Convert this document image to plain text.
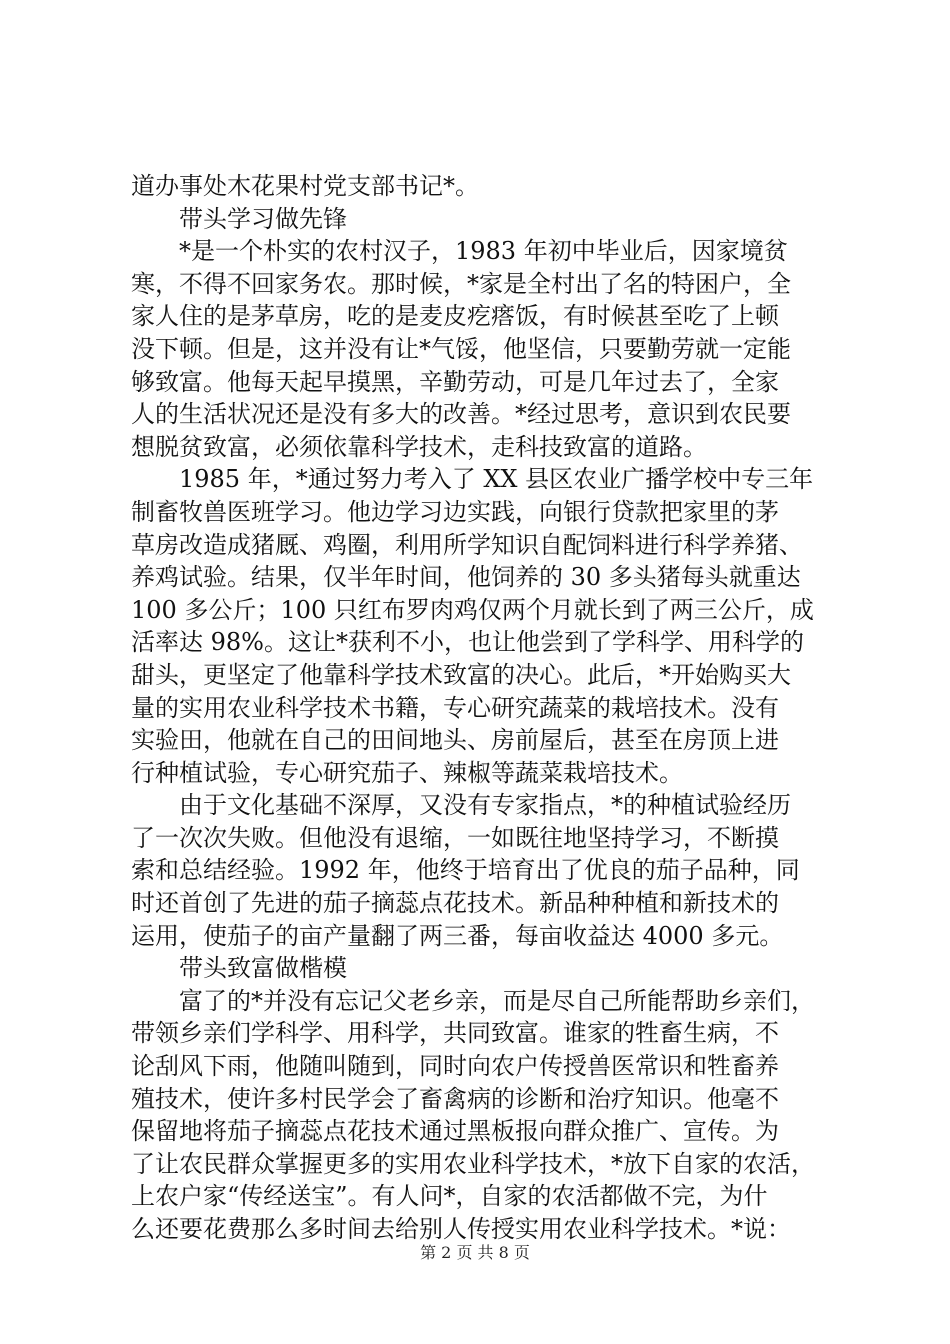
道办事处木花果村党支部书记*。
带头学习做先锋
*是一个朴实的农村汉子，1983 年初中毕业后，因家境贫
寒，不得不回家务农。那时候，*家是全村出了名的特困户，全
家人住的是茅草房，吃的是麦皮疙瘩饭，有时候甚至吃了上顿
没下顿。但是，这并没有让*气馁，他坚信，只要勤劳就一定能
够致富。他每天起早摸黑，辛勤劳动，可是几年过去了，全家
人的生活状况还是没有多大的改善。*经过思考，意识到农民要
想脱贫致富，必须依靠科学技术，走科技致富的道路。
1985 年，*通过努力考入了 XX 县区农业广播学校中专三年
制畜牧兽医班学习。他边学习边实践，向银行贷款把家里的茅
草房改造成猪厩、鸡圈，利用所学知识自配饲料进行科学养猪、
养鸡试验。结果，仅半年时间，他饲养的 30 多头猪每头就重达
100 多公斤；100 只红布罗肉鸡仅两个月就长到了两三公斤，成
活率达 98%。这让*获利不小，也让他尝到了学科学、用科学的
甜头，更坚定了他靠科学技术致富的决心。此后，*开始购买大
量的实用农业科学技术书籍，专心研究蔬菜的栽培技术。没有
实验田，他就在自己的田间地头、房前屋后，甚至在房顶上进
行种植试验，专心研究茄子、辣椒等蔬菜栽培技术。
由于文化基础不深厚，又没有专家指点，*的种植试验经历
了一次次失败。但他没有退缩，一如既往地坚持学习，不断摸
索和总结经验。1992 年，他终于培育出了优良的茄子品种，同
时还首创了先进的茄子摘蕊点花技术。新品种种植和新技术的
运用，使茄子的亩产量翻了两三番，每亩收益达 4000 多元。
带头致富做楷模
富了的*并没有忘记父老乡亲，而是尽自己所能帮助乡亲们，
带领乡亲们学科学、用科学，共同致富。谁家的牲畜生病，不
论刮风下雨，他随叫随到，同时向农户传授兽医常识和牲畜养
殖技术，使许多村民学会了畜禽病的诊断和治疗知识。他毫不
保留地将茄子摘蕊点花技术通过黑板报向群众推广、宣传。为
了让农民群众掌握更多的实用农业科学技术，*放下自家的农活，
上农户家“传经送宝”。有人问*，自家的农活都做不完，为什
么还要花费那么多时间去给别人传授实用农业科学技术。*说：
第 2 页 共 8 页
